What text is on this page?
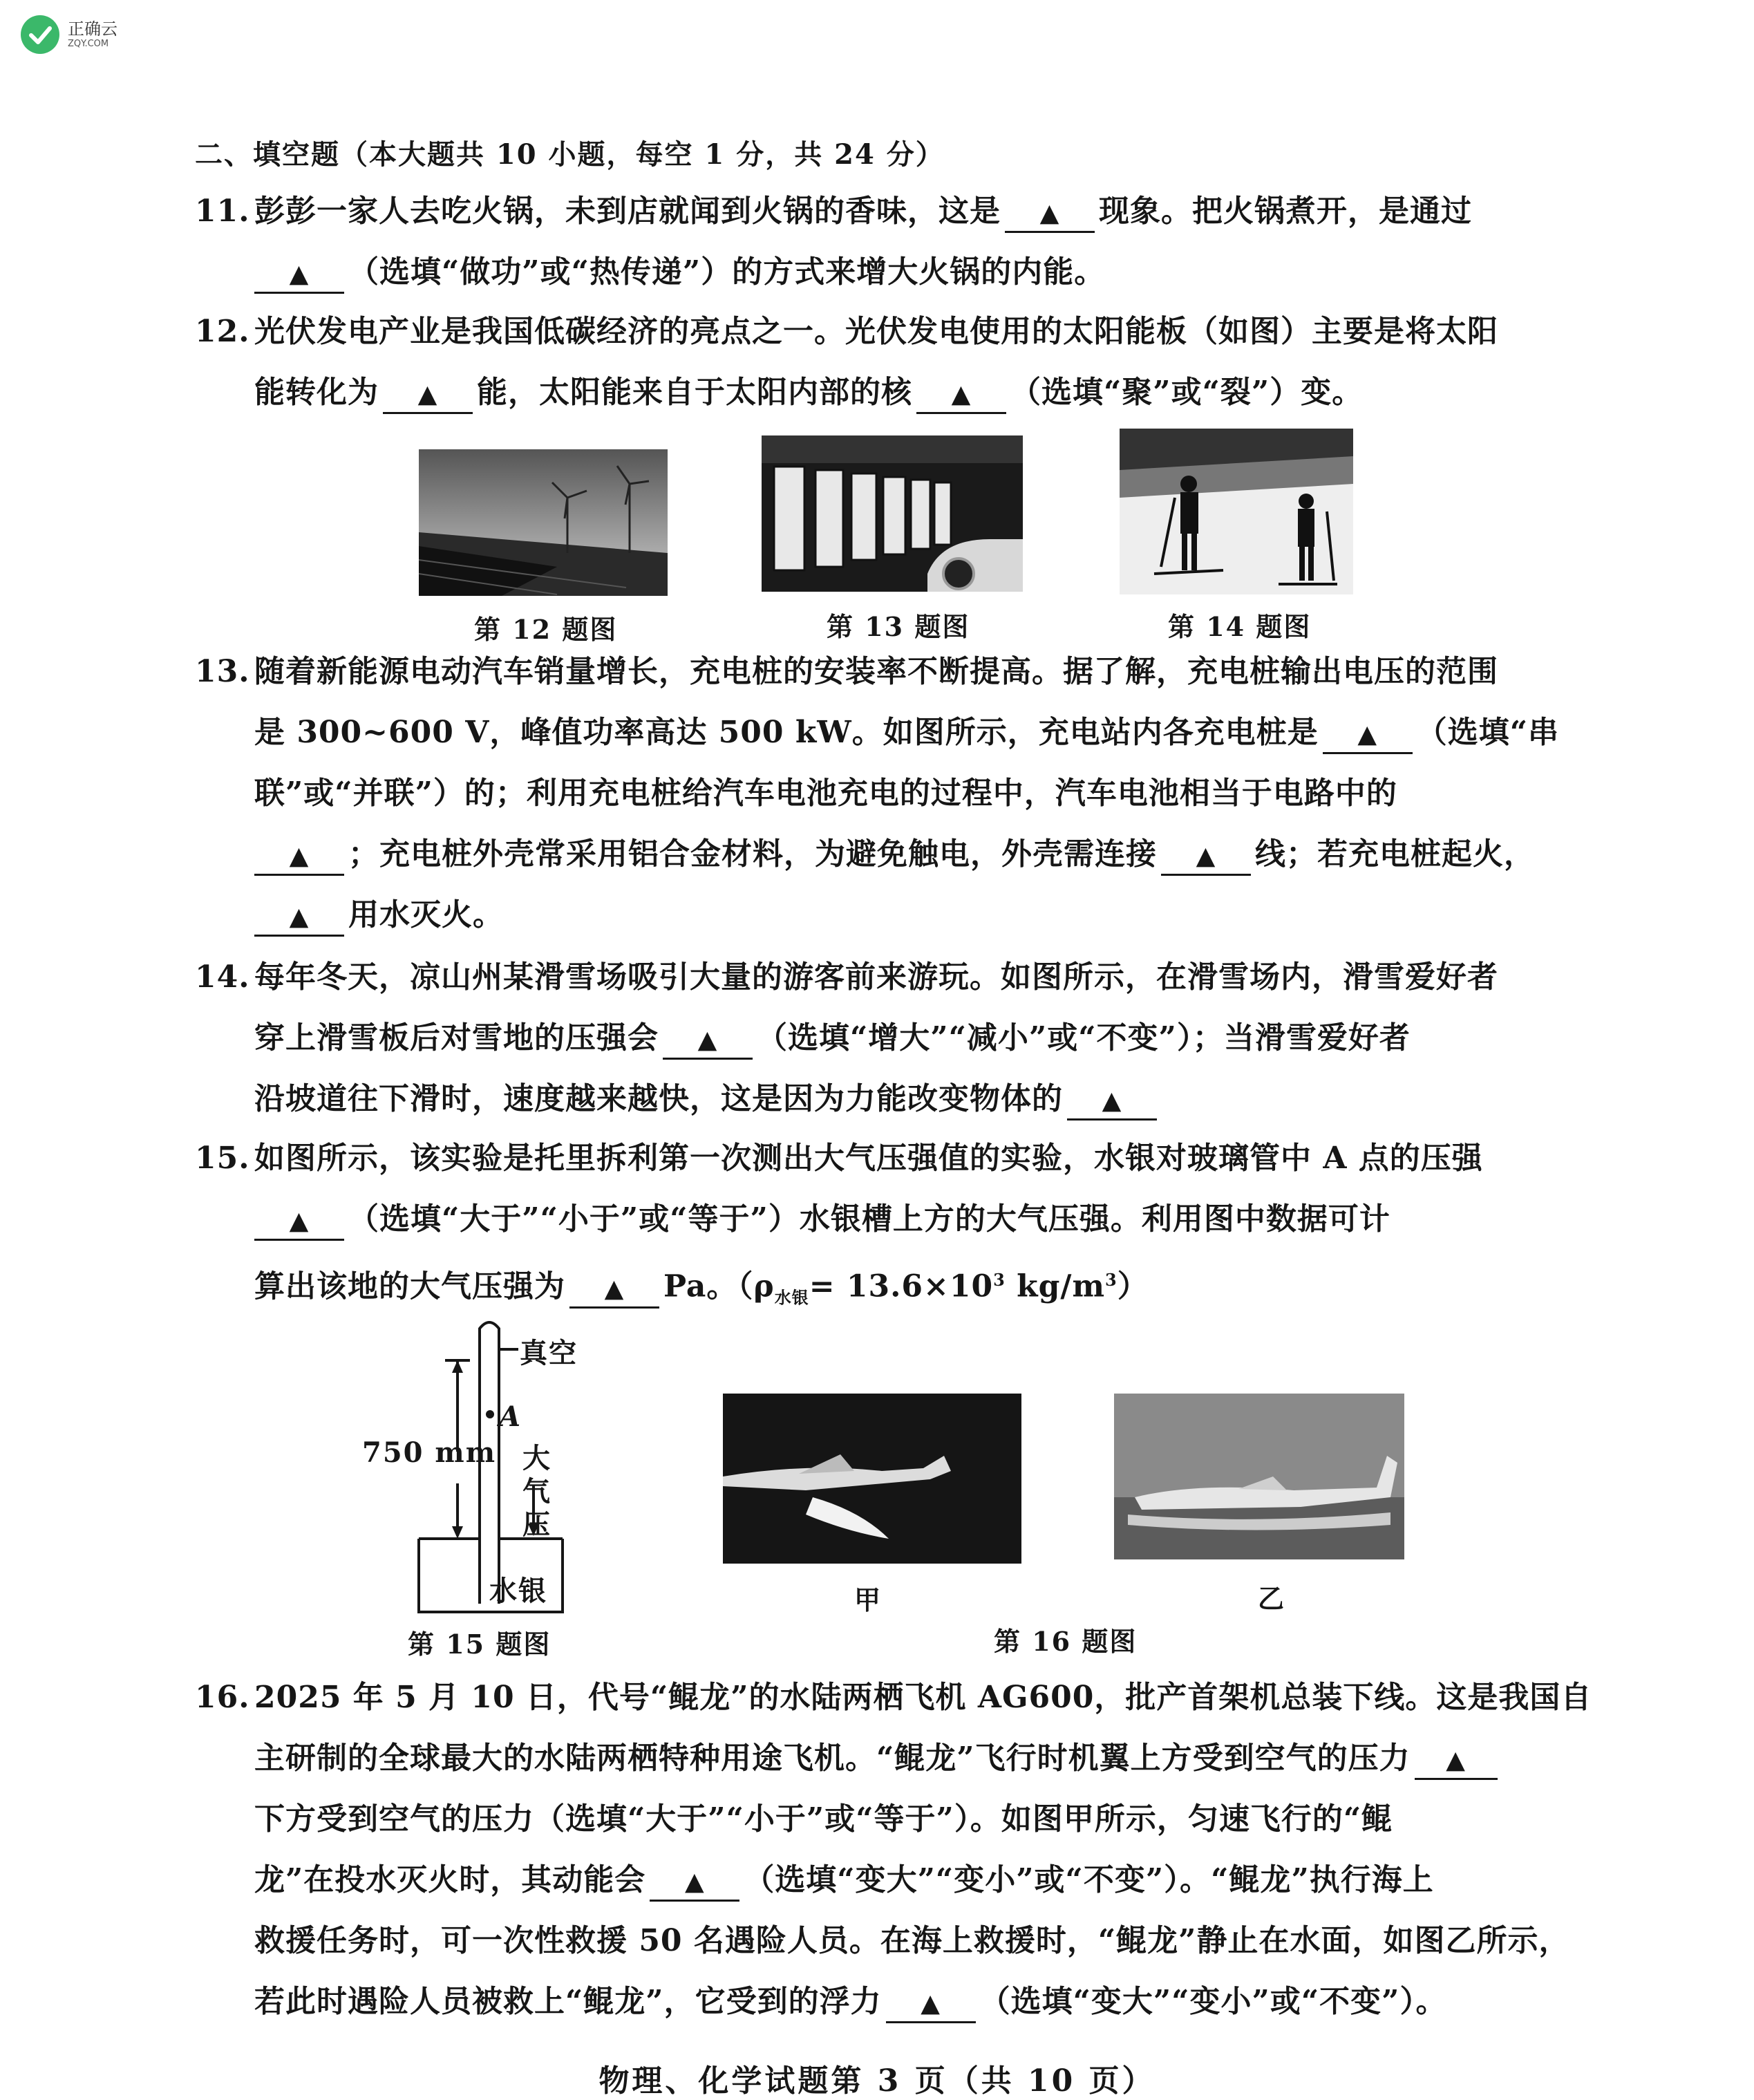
正确云
ZQY.COM
二、填空题（本大题共 10 小题，每空 1 分，共 24 分）
11. 彭彭一家人去吃火锅，未到店就闻到火锅的香味，这是 ▲ 现象。把火锅煮开，是通过
▲ （选填“做功”或“热传递”）的方式来增大火锅的内能。
12. 光伏发电产业是我国低碳经济的亮点之一。光伏发电使用的太阳能板（如图）主要是将太阳
能转化为 ▲ 能，太阳能来自于太阳内部的核 ▲ （选填“聚”或“裂”）变。
第 12 题图	第 13 题图	第 14 题图
13. 随着新能源电动汽车销量增长，充电桩的安装率不断提高。据了解，充电桩输出电压的范围
是 300~600 V，峰值功率高达 500 kW。如图所示，充电站内各充电桩是 ▲ （选填“串
联”或“并联”）的；利用充电桩给汽车电池充电的过程中，汽车电池相当于电路中的
▲ ；充电桩外壳常采用铝合金材料，为避免触电，外壳需连接 ▲ 线；若充电桩起火，
▲ 用水灭火。
14. 每年冬天，凉山州某滑雪场吸引大量的游客前来游玩。如图所示，在滑雪场内，滑雪爱好者
穿上滑雪板后对雪地的压强会 ▲ （选填“增大”“减小”或“不变”）；当滑雪爱好者
沿坡道往下滑时，速度越来越快，这是因为力能改变物体的 ▲
15. 如图所示，该实验是托里拆利第一次测出大气压强值的实验，水银对玻璃管中 A 点的压强
▲ （选填“大于”“小于”或“等于”）水银槽上方的大气压强。利用图中数据可计
算出该地的大气压强为 ▲ Pa。（$\rho_{水银}= 13.6\times 10^3$ $kg/m^3$）
真空
A
750 mm 大
气
压
水银
第 15 题图
甲	乙
第 16 题图
16. 2025 年 5 月 10 日，代号“鲲龙”的水陆两栖飞机 AG600，批产首架机总装下线。这是我国自
主研制的全球最大的水陆两栖特种用途飞机。“鲲龙”飞行时机翼上方受到空气的压力 ▲
下方受到空气的压力（选填“大于”“小于”或“等于”）。如图甲所示，匀速飞行的“鲲
龙”在投水灭火时，其动能会 ▲ （选填“变大”“变小”或“不变”）。“鲲龙”执行海上
救援任务时，可一次性救援 50 名遇险人员。在海上救援时，“鲲龙”静止在水面，如图乙所示，
若此时遇险人员被救上“鲲龙”，它受到的浮力 ▲ （选填“变大”“变小”或“不变”）。
物理、化学试题第 3 页（共 10 页）
